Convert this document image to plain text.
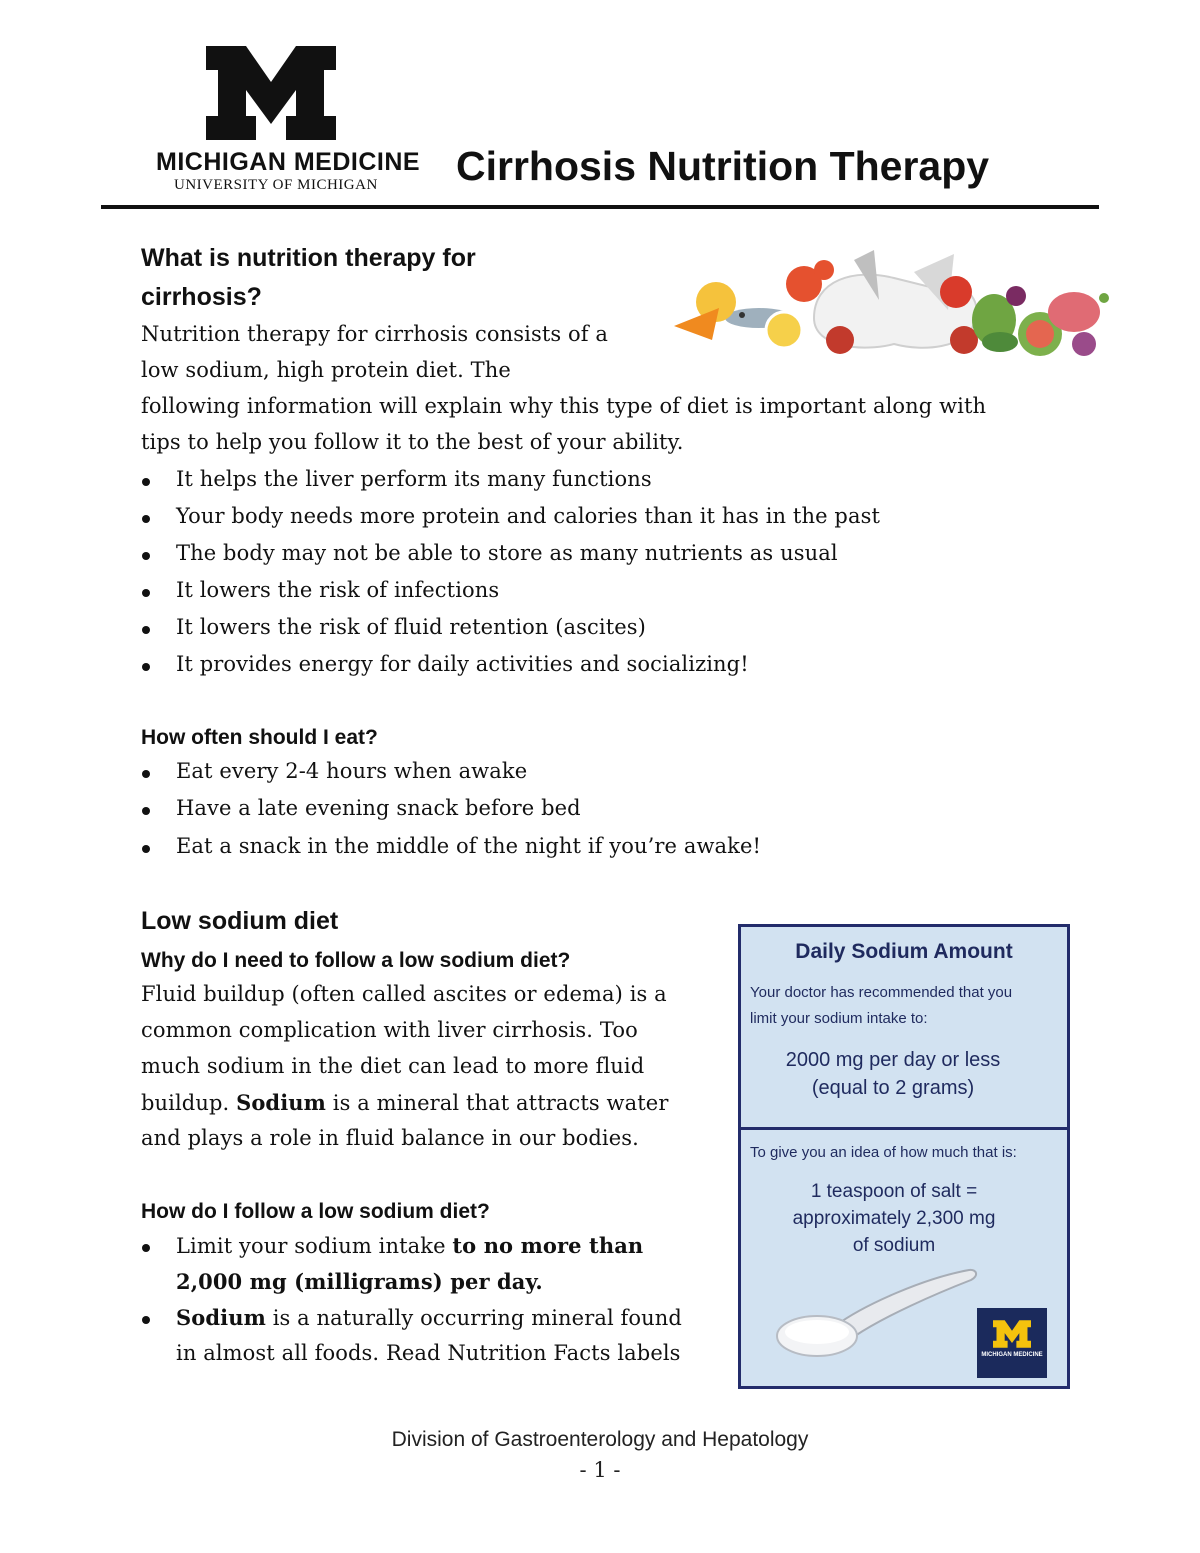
MICHIGAN MEDICINE
UNIVERSITY OF MICHIGAN Cirrhosis Nutrition Therapy
What is nutrition therapy for
cirrhosis?
Nutrition therapy for cirrhosis consists of a
low sodium, high protein diet. The
following information will explain why this type of diet is important along with
tips to help you follow it to the best of your ability.
It helps the liver perform its many functions
Your body needs more protein and calories than it has in the past
The body may not be able to store as many nutrients as usual
It lowers the risk of infections
It lowers the risk of fluid retention (ascites)
It provides energy for daily activities and socializing!
How often should I eat?
Eat every 2-4 hours when awake
Have a late evening snack before bed
Eat a snack in the middle of the night if you’re awake!
Low sodium diet
Why do I need to follow a low sodium diet?
Fluid buildup (often called ascites or edema) is a
common complication with liver cirrhosis. Too
much sodium in the diet can lead to more fluid
buildup. Sodium is a mineral that attracts water
and plays a role in fluid balance in our bodies.
How do I follow a low sodium diet?
Limit your sodium intake to no more than
2,000 mg (milligrams) per day.
Sodium is a naturally occurring mineral found
in almost all foods. Read Nutrition Facts labels
Daily Sodium Amount
Your doctor has recommended that you
limit your sodium intake to:
2000 mg per day or less
(equal to 2 grams)
To give you an idea of how much that is:
1 teaspoon of salt =
approximately 2,300 mg
of sodium
MICHIGAN MEDICINE
Division of Gastroenterology and Hepatology
- 1 -
